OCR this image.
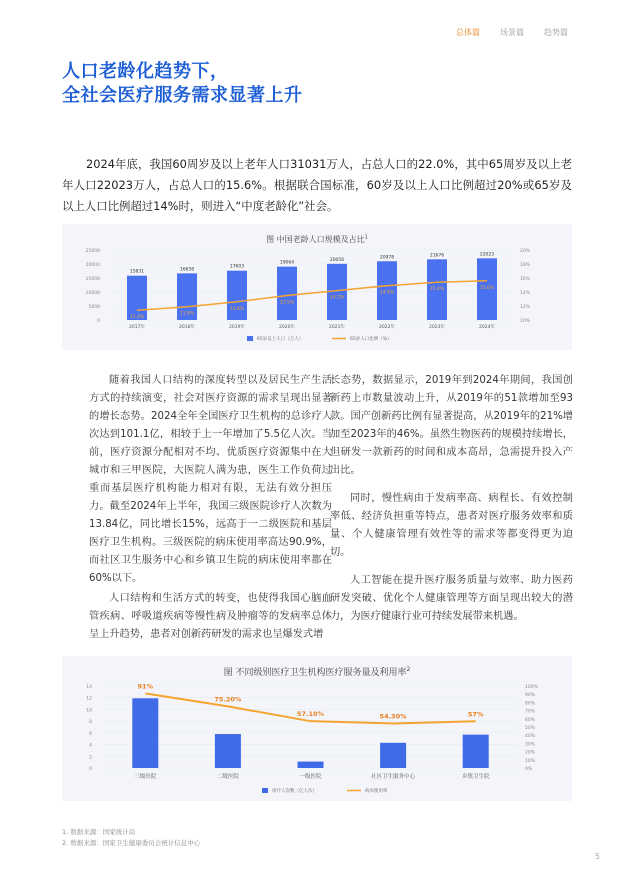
总体篇	场景篇	趋势篇
人口老龄化趋势下，
全社会医疗服务需求显著上升

2024年底，我国60周岁及以上老年人口31031万人，占总人口的22.0%，其中65周岁及以上老年人口22023万人，占总人口的15.6%。根据联合国标准，60岁及以上人口比例超过20%或65岁及以上人口比例超过14%时，则进入“中度老龄化”社会。

图 中国老龄人口规模及占比$^1$
0
5000
10000
15000
20000
25000
10%
12%
14%
16%
18%
20%
15831
2017年
16658
2018年
17603
2019年
19064
2020年
20056
2021年
20978
2022年
21676
2023年
22023
2024年
11.4%
11.9%
12.6%
13.5%
14.2%
14.9%
15.4%	15.6%
65岁以上人口（万人）	65岁人口比例（%）

随着我国人口结构的深度转型以及居民生产生活方式的持续演变，社会对医疗资源的需求呈现出显著的增长态势。2024全年全国医疗卫生机构的总诊疗人次达到101.1亿，相较于上一年增加了5.5亿人次。当前，医疗资源分配相对不均、优质医疗资源集中在大城市和三甲医院，大医院人满为患，医生工作负荷过重而基层医疗机构能力相对有限，无法有效分担压力。截至2024年上半年，我国三级医院诊疗人次数为13.84亿，同比增长15%，远高于一二级医院和基层医疗卫生机构。三级医院的病床使用率高达90.9%，而社区卫生服务中心和乡镇卫生院的病床使用率都在60%以下。

人口结构和生活方式的转变，也使得我国心脑血管疾病、呼吸道疾病等慢性病及肿瘤等的发病率总体呈上升趋势，患者对创新药研发的需求也呈爆发式增

长态势，数据显示，2019年到2024年期间，我国创新药上市数量波动上升，从2019年的51款增加至93款。国产创新药比例有显著提高，从2019年的21%增加至2023年的46%。虽然生物医药的规模持续增长，但研发一款新药的时间和成本高昂，急需提升投入产出比。

同时，慢性病由于发病率高、病程长、有效控制率低、经济负担重等特点，患者对医疗服务效率和质量、个人健康管理有效性等的需求等都变得更为迫切。

人工智能在提升医疗服务质量与效率、助力医药研发突破、优化个人健康管理等方面呈现出较大的潜力，为医疗健康行业可持续发展带来机遇。

图 不同级别医疗卫生机构医疗服务量及利用率$^2$
0
2
4
6
8
10
12
14
0%
10%
20%
30%
40%
50%
60%
70%
80%
90%
100%
三级医院	二级医院	一级医院	社区卫生服务中心	乡镇卫生院
91%
75.20%
57.10%	54.30%	57%
诊疗人次数（亿人次）	病床使用率
1. 数据来源：国家统计局
2. 数据来源：国家卫生健康委员会统计信息中心
5
